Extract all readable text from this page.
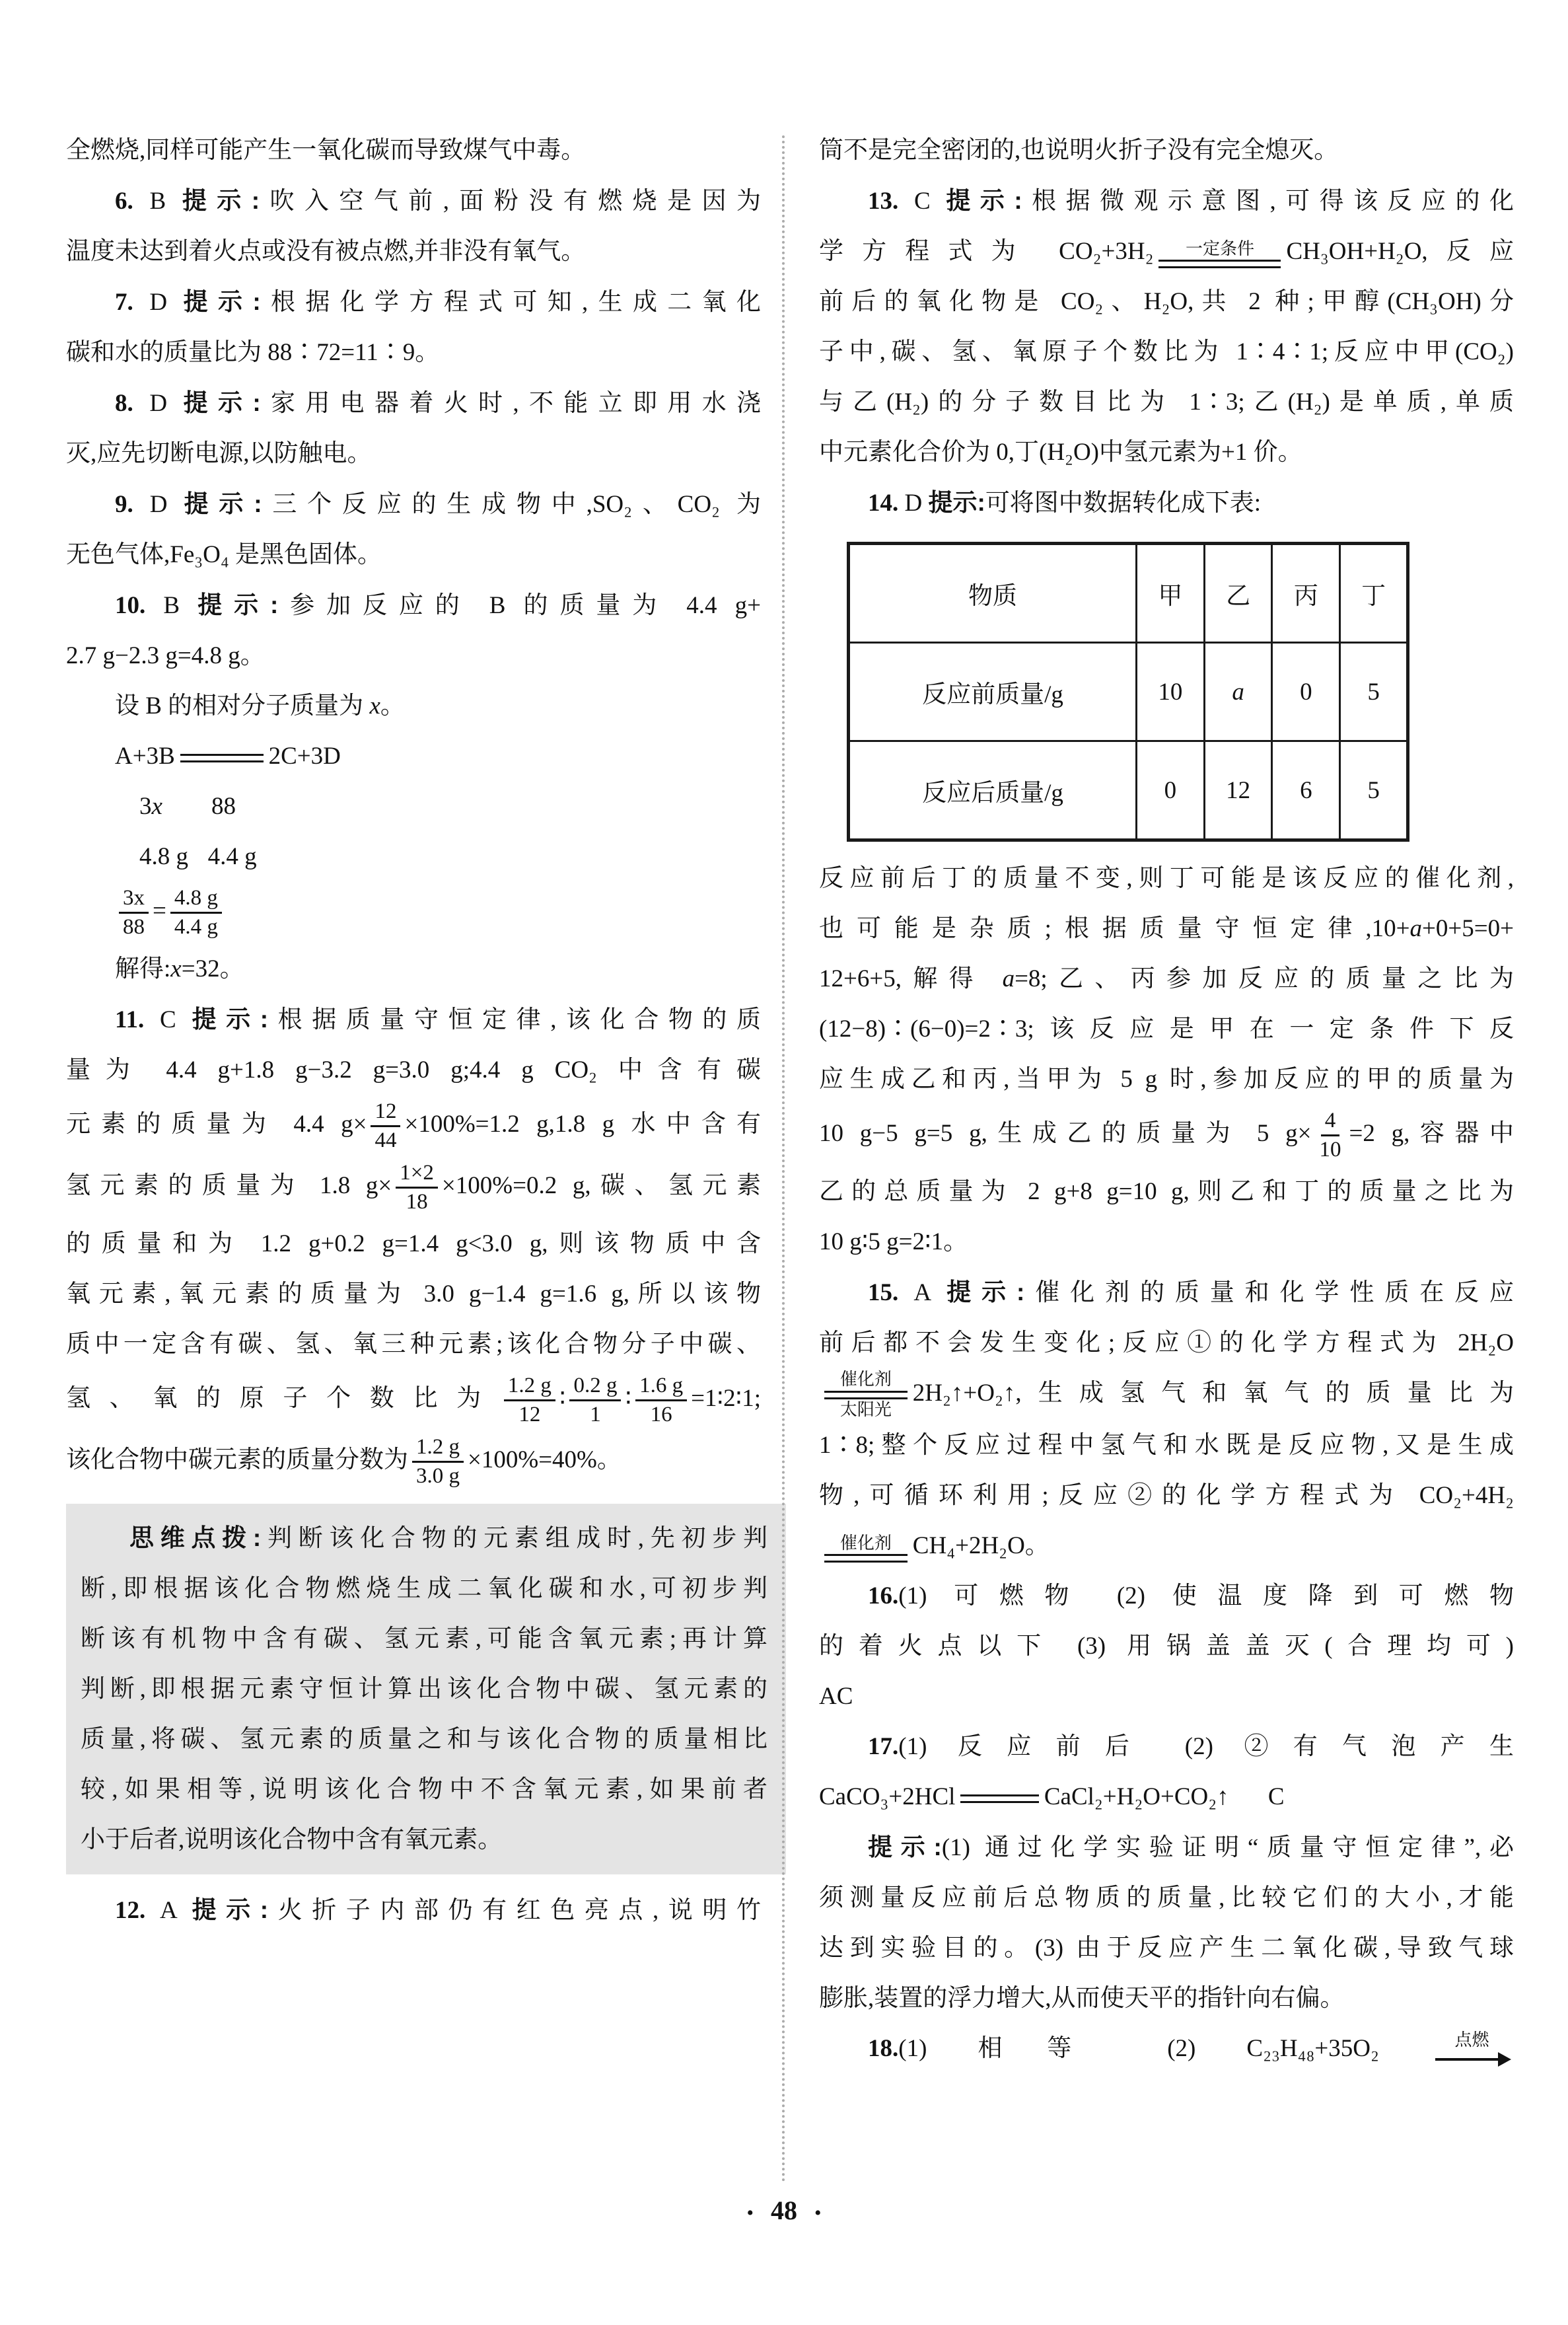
全燃烧,同样可能产生一氧化碳而导致煤气中毒。
6. B 提示:吹入空气前,面粉没有燃烧是因为
温度未达到着火点或没有被点燃,并非没有氧气。
7. D 提示:根据化学方程式可知,生成二氧化
碳和水的质量比为 88∶72=11∶9。
8. D 提示:家用电器着火时,不能立即用水浇
灭,应先切断电源,以防触电。
9. D 提示:三个反应的生成物中,SO₂、CO₂ 为
无色气体,Fe₃O₄ 是黑色固体。
10. B 提示:参加反应的 B 的质量为 4.4 g+
2.7 g−2.3 g=4.8 g。
设 B 的相对分子质量为 x。
A+3B	2C+3D
3x 88
4.8 g 4.4 g
$\frac{3x}{88} = \frac{4.8 g}{4.4 g}$
解得:x=32。
11. C 提示:根据质量守恒定律,该化合物的质
量为 4.4 g+1.8 g−3.2 g=3.0 g;4.4 g CO₂ 中含有碳
元素的质量为 4.4 $g\times \frac{12}{44} \times 100\%=1.2$ g,1.8 g 水中含有
氢元素的质量为 1.8 $g\times \frac{1\times 2}{18} \times 100\%=0.2$ g,碳、氢元素
的质量和为 1.2 g+0.2 g=1.4 g<3.0 g,则该物质中含
氧元素,氧元素的质量为 3.0 g−1.4 g=1.6 g,所以该物
质中一定含有碳、氢、氧三种元素;该化合物分子中碳、
氢、氧的原子个数比为 $\frac{1.2 g}{12}$ ∶ $\frac{0.2 g}{1}$ ∶ $\frac{1.6 g}{16}$ =1∶2∶1;
该化合物中碳元素的质量分数为 $\frac{1.2 g}{3.0 g} \times 100\%=40\%$。
思维点拨:判断该化合物的元素组成时,先初步判
断,即根据该化合物燃烧生成二氧化碳和水,可初步判
断该有机物中含有碳、氢元素,可能含氧元素;再计算
判断,即根据元素守恒计算出该化合物中碳、氢元素的
质量,将碳、氢元素的质量之和与该化合物的质量相比
较,如果相等,说明该化合物中不含氧元素,如果前者
小于后者,说明该化合物中含有氧元素。
12. A 提示:火折子内部仍有红色亮点,说明竹
筒不是完全密闭的,也说明火折子没有完全熄灭。
13. C 提示:根据微观示意图,可得该反应的化
学方程式为 CO₂+3H₂ 一定条件 CH₃OH+H₂O,反应
前后的氧化物是 CO₂、H₂O,共 2 种;甲醇(CH₃OH)分
子中,碳、氢、氧原子个数比为 1∶4∶1;反应中甲(CO₂)
与乙(H₂)的分子数目比为 1∶3;乙(H₂)是单质,单质
中元素化合价为 0,丁(H₂O)中氢元素为+1 价。
14. D 提示:可将图中数据转化成下表:
物质	甲	乙	丙	丁
反应前质量/g	10	a	0	5
反应后质量/g	0	12	6	5
反应前后丁的质量不变,则丁可能是该反应的催化剂,
也可能是杂质;根据质量守恒定律,10+a+0+5=0+
12+6+5,解得 a=8;乙、丙参加反应的质量之比为
(12−8)∶(6−0)=2∶3;该反应是甲在一定条件下反
应生成乙和丙,当甲为 5 g 时,参加反应的甲的质量为
10 g−5 g=5 g,生成乙的质量为 5 $g\times \frac{4}{10} =2$ g,容器中
乙的总质量为 2 g+8 g=10 g,则乙和丁的质量之比为
10 g∶5 g=2∶1。
15. A 提示:催化剂的质量和化学性质在反应
前后都不会发生变化;反应①的化学方程式为 2H₂O
催化剂
太阳光
2H₂↑+O₂↑,生成氢气和氧气的质量比为
1∶8;整个反应过程中氢气和水既是反应物,又是生成
物,可循环利用;反应②的化学方程式为 CO₂+4H₂
催化剂 CH₄+2H₂O。
16.(1) 可燃物 (2) 使温度降到可燃物
的着火点以下 (3) 用锅盖盖灭(合理均可)
AC
17.(1) 反应前后 (2) ②有气泡产生
CaCO₃+2HCl	CaCl₂+H₂O+CO₂↑ C
提示:(1) 通过化学实验证明“质量守恒定律”,必
须测量反应前后总物质的质量,比较它们的大小,才能
达到实验目的。(3) 由于反应产生二氧化碳,导致气球
膨胀,装置的浮力增大,从而使天平的指针向右偏。
18.(1) 相等 (2) C₂₃H₄₈+35O₂ 点燃
• 48 •
